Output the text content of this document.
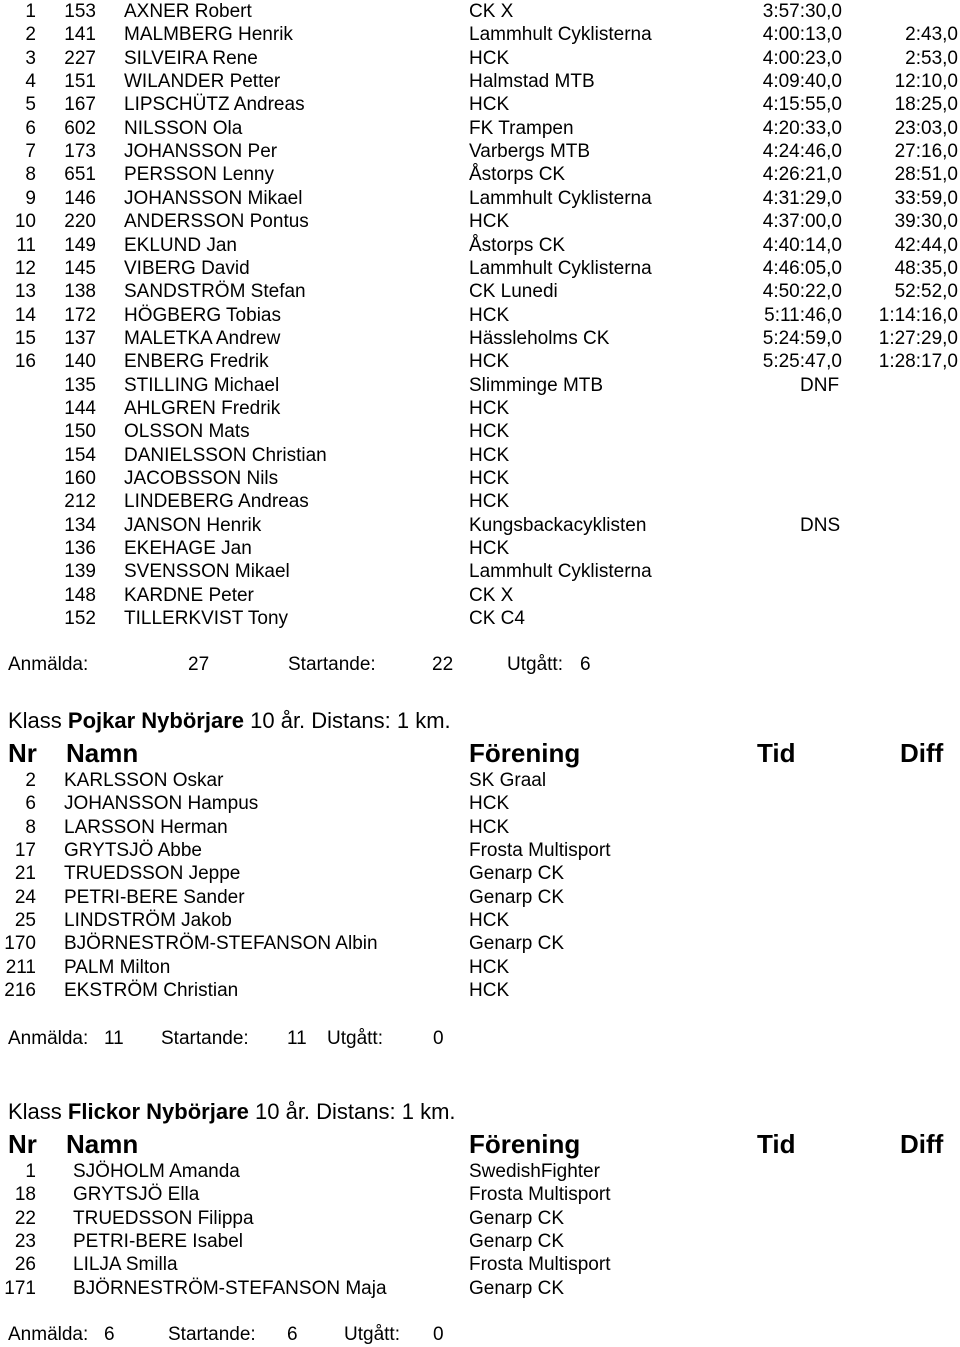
1	153 AXNER Robert	CK X	3:57:30,0
2	141 MALMBERG Henrik	Lammhult Cyklisterna	4:00:13,0	2:43,0
3	227 SILVEIRA Rene	HCK	4:00:23,0	2:53,0
4	151 WILANDER Petter	Halmstad MTB	4:09:40,0	12:10,0
5	167 LIPSCHÜTZ Andreas	HCK	4:15:55,0	18:25,0
6	602 NILSSON Ola	FK Trampen	4:20:33,0	23:03,0
7	173 JOHANSSON Per	Varbergs MTB	4:24:46,0	27:16,0
8	651 PERSSON Lenny	Åstorps CK	4:26:21,0	28:51,0
9	146 JOHANSSON Mikael	Lammhult Cyklisterna	4:31:29,0	33:59,0
10	220 ANDERSSON Pontus	HCK	4:37:00,0	39:30,0
11	149 EKLUND Jan	Åstorps CK	4:40:14,0	42:44,0
12	145 VIBERG David	Lammhult Cyklisterna	4:46:05,0	48:35,0
13	138 SANDSTRÖM Stefan	CK Lunedi	4:50:22,0	52:52,0
14	172 HÖGBERG Tobias	HCK	5:11:46,0	1:14:16,0
15	137 MALETKA Andrew	Hässleholms CK	5:24:59,0	1:27:29,0
16	140 ENBERG Fredrik	HCK	5:25:47,0	1:28:17,0
135 STILLING Michael	Slimminge MTB	DNF
144 AHLGREN Fredrik	HCK
150 OLSSON Mats	HCK
154 DANIELSSON Christian	HCK
160 JACOBSSON Nils	HCK
212 LINDEBERG Andreas	HCK
134 JANSON Henrik	Kungsbackacyklisten	DNS
136 EKEHAGE Jan	HCK
139 SVENSSON Mikael	Lammhult Cyklisterna
148 KARDNE Peter	CK X
152 TILLERKVIST Tony	CK C4
Anmälda:	27	Startande:	22	Utgått: 6
Klass Pojkar Nybörjare 10 år. Distans: 1 km.
Nr Namn	Förening	Tid	Diff
2 KARLSSON Oskar	SK Graal
6 JOHANSSON Hampus	HCK
8 LARSSON Herman	HCK
17 GRYTSJÖ Abbe	Frosta Multisport
21 TRUEDSSON Jeppe	Genarp CK
24 PETRI-BERE Sander	Genarp CK
25 LINDSTRÖM Jakob	HCK
170 BJÖRNESTRÖM-STEFANSON Albin	Genarp CK
211 PALM Milton	HCK
216 EKSTRÖM Christian	HCK
Anmälda: 11 Startande: 11 Utgått:	0
Klass Flickor Nybörjare 10 år. Distans: 1 km.
Nr Namn	Förening	Tid	Diff
1 SJÖHOLM Amanda	SwedishFighter
18 GRYTSJÖ Ella	Frosta Multisport
22 TRUEDSSON Filippa	Genarp CK
23 PETRI-BERE Isabel	Genarp CK
26 LILJA Smilla	Frosta Multisport
171 BJÖRNESTRÖM-STEFANSON Maja	Genarp CK
Anmälda: 6	Startande: 6 Utgått: 0
